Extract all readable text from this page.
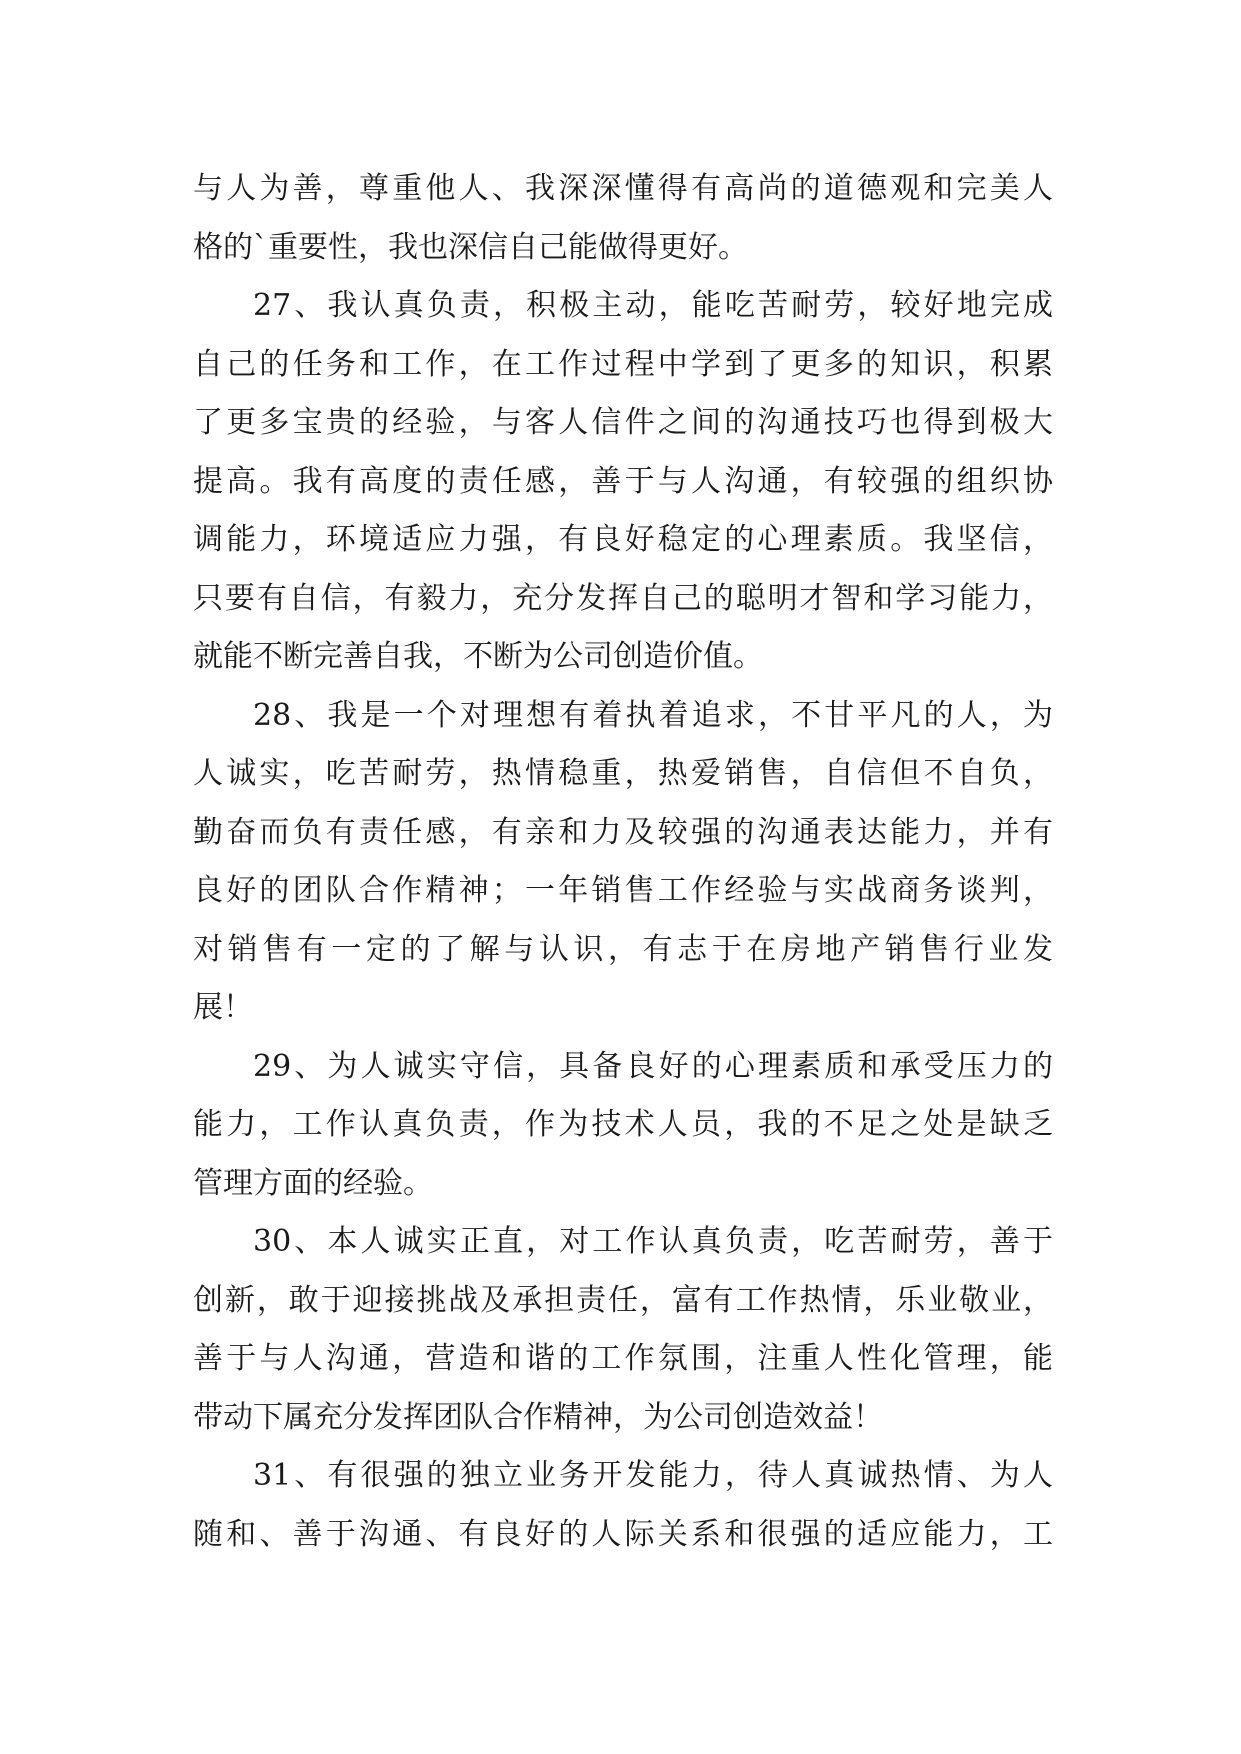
与人为善，尊重他人、我深深懂得有高尚的道德观和完美人
格的`重要性，我也深信自己能做得更好。
27、我认真负责，积极主动，能吃苦耐劳，较好地完成
自己的任务和工作，在工作过程中学到了更多的知识，积累
了更多宝贵的经验，与客人信件之间的沟通技巧也得到极大
提高。我有高度的责任感，善于与人沟通，有较强的组织协
调能力，环境适应力强，有良好稳定的心理素质。我坚信，
只要有自信，有毅力，充分发挥自己的聪明才智和学习能力，
就能不断完善自我，不断为公司创造价值。
28、我是一个对理想有着执着追求，不甘平凡的人，为
人诚实，吃苦耐劳，热情稳重，热爱销售，自信但不自负，
勤奋而负有责任感，有亲和力及较强的沟通表达能力，并有
良好的团队合作精神；一年销售工作经验与实战商务谈判，
对销售有一定的了解与认识，有志于在房地产销售行业发
展！
29、为人诚实守信，具备良好的心理素质和承受压力的
能力，工作认真负责，作为技术人员，我的不足之处是缺乏
管理方面的经验。
30、本人诚实正直，对工作认真负责，吃苦耐劳，善于
创新，敢于迎接挑战及承担责任，富有工作热情，乐业敬业，
善于与人沟通，营造和谐的工作氛围，注重人性化管理，能
带动下属充分发挥团队合作精神，为公司创造效益！
31、有很强的独立业务开发能力，待人真诚热情、为人
随和、善于沟通、有良好的人际关系和很强的适应能力，工
